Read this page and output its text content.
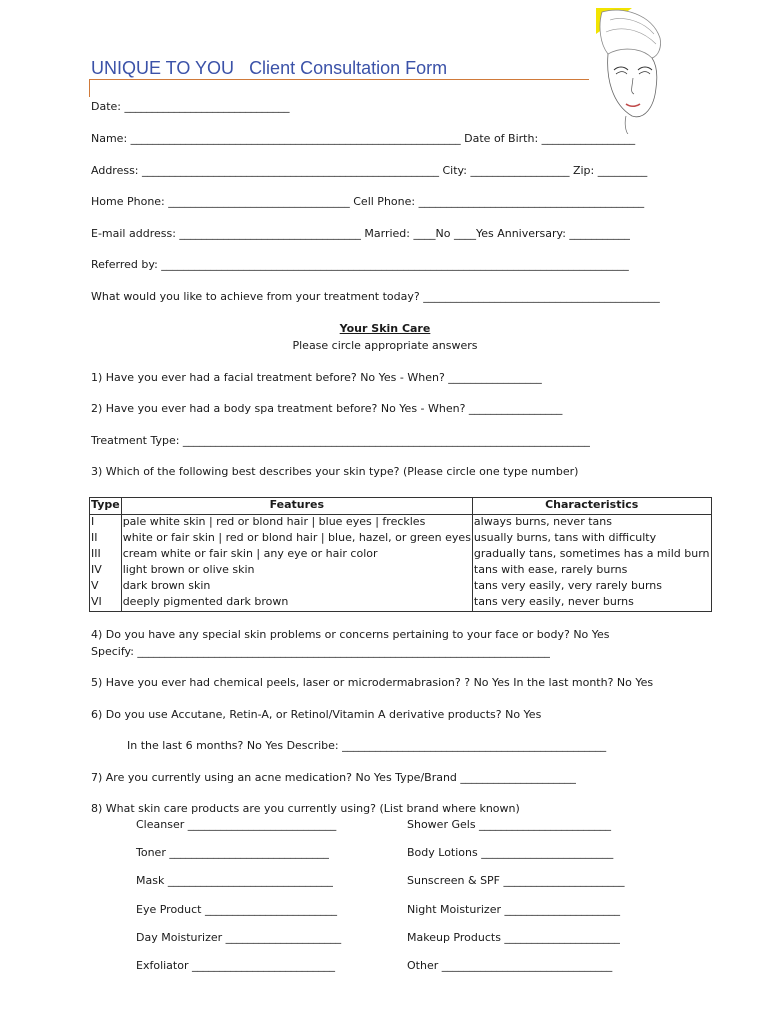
UNIQUE TO YOU Client Consultation Form
Date: ______________________________
Name: ____________________________________________________________ Date of Birth: _________________
Address: ______________________________________________________ City: __________________ Zip: _________
Home Phone: _________________________________ Cell Phone: _________________________________________
E-mail address: _________________________________ Married: ____No ____Yes Anniversary: ___________
Referred by: _____________________________________________________________________________________
What would you like to achieve from your treatment today? ___________________________________________
Your Skin Care
Please circle appropriate answers
1) Have you ever had a facial treatment before? No Yes - When? _________________
2) Have you ever had a body spa treatment before? No Yes - When? _________________
Treatment Type: __________________________________________________________________________
3) Which of the following best describes your skin type? (Please circle one type number)
Type	Features	Characteristics
I	pale white skin | red or blond hair | blue eyes | freckles	always burns, never tans
II	white or fair skin | red or blond hair | blue, hazel, or green eyes	usually burns, tans with difficulty
III	cream white or fair skin | any eye or hair color	gradually tans, sometimes has a mild burn
IV	light brown or olive skin	tans with ease, rarely burns
V	dark brown skin	tans very easily, very rarely burns
VI	deeply pigmented dark brown	tans very easily, never burns
4) Do you have any special skin problems or concerns pertaining to your face or body? No Yes
Specify: ___________________________________________________________________________
5) Have you ever had chemical peels, laser or microdermabrasion? ? No Yes In the last month? No Yes
6) Do you use Accutane, Retin-A, or Retinol/Vitamin A derivative products? No Yes
In the last 6 months? No Yes Describe: ________________________________________________
7) Are you currently using an acne medication? No Yes Type/Brand _____________________
8) What skin care products are you currently using? (List brand where known)
Cleanser ___________________________
Toner _____________________________
Mask ______________________________
Eye Product ________________________
Day Moisturizer _____________________
Exfoliator __________________________
Shower Gels ________________________
Body Lotions ________________________
Sunscreen & SPF ______________________
Night Moisturizer _____________________
Makeup Products _____________________
Other _______________________________
